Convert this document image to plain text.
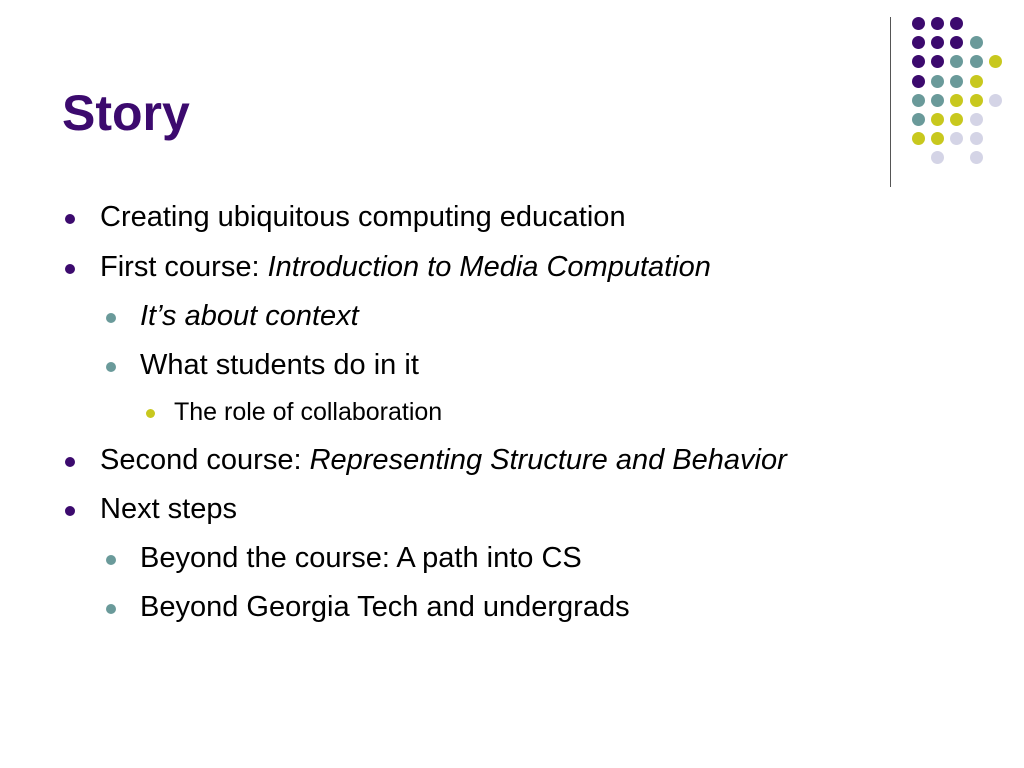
Story
Creating ubiquitous computing education
First course: Introduction to Media Computation
It’s about context
What students do in it
The role of collaboration
Second course: Representing Structure and Behavior
Next steps
Beyond the course: A path into CS
Beyond Georgia Tech and undergrads
